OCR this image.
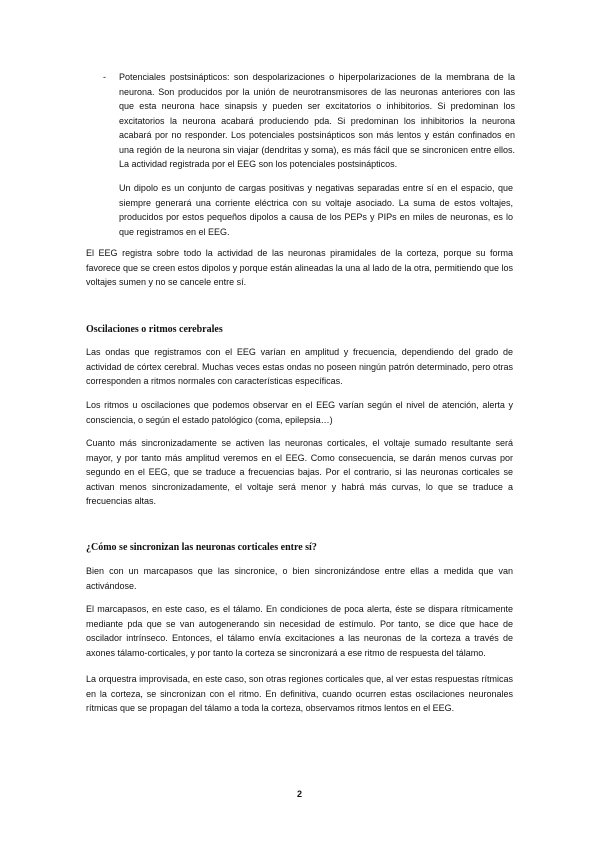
- Potenciales postsinápticos: son despolarizaciones o hiperpolarizaciones de la membrana de la neurona. Son producidos por la unión de neurotransmisores de las neuronas anteriores con las que esta neurona hace sinapsis y pueden ser excitatorios o inhibitorios. Si predominan los excitatorios la neurona acabará produciendo pda. Si predominan los inhibitorios la neurona acabará por no responder. Los potenciales postsinápticos son más lentos y están confinados en una región de la neurona sin viajar (dendritas y soma), es más fácil que se sincronicen entre ellos. La actividad registrada por el EEG son los potenciales postsinápticos.

Un dipolo es un conjunto de cargas positivas y negativas separadas entre sí en el espacio, que siempre generará una corriente eléctrica con su voltaje asociado. La suma de estos voltajes, producidos por estos pequeños dipolos a causa de los PEPs y PIPs en miles de neuronas, es lo que registramos en el EEG.

El EEG registra sobre todo la actividad de las neuronas piramidales de la corteza, porque su forma favorece que se creen estos dipolos y porque están alineadas la una al lado de la otra, permitiendo que los voltajes sumen y no se cancele entre sí.

Oscilaciones o ritmos cerebrales

Las ondas que registramos con el EEG varían en amplitud y frecuencia, dependiendo del grado de actividad de córtex cerebral. Muchas veces estas ondas no poseen ningún patrón determinado, pero otras corresponden a ritmos normales con características específicas.

Los ritmos u oscilaciones que podemos observar en el EEG varían según el nivel de atención, alerta y consciencia, o según el estado patológico (coma, epilepsia…)

Cuanto más sincronizadamente se activen las neuronas corticales, el voltaje sumado resultante será mayor, y por tanto más amplitud veremos en el EEG. Como consecuencia, se darán menos curvas por segundo en el EEG, que se traduce a frecuencias bajas. Por el contrario, si las neuronas corticales se activan menos sincronizadamente, el voltaje será menor y habrá más curvas, lo que se traduce a frecuencias altas.

¿Cómo se sincronizan las neuronas corticales entre sí?

Bien con un marcapasos que las sincronice, o bien sincronizándose entre ellas a medida que van activándose.

El marcapasos, en este caso, es el tálamo. En condiciones de poca alerta, éste se dispara rítmicamente mediante pda que se van autogenerando sin necesidad de estímulo. Por tanto, se dice que hace de oscilador intrínseco. Entonces, el tálamo envía excitaciones a las neuronas de la corteza a través de axones tálamo-corticales, y por tanto la corteza se sincronizará a ese ritmo de respuesta del tálamo.

La orquestra improvisada, en este caso, son otras regiones corticales que, al ver estas respuestas rítmicas en la corteza, se sincronizan con el ritmo. En definitiva, cuando ocurren estas oscilaciones neuronales rítmicas que se propagan del tálamo a toda la corteza, observamos ritmos lentos en el EEG.

2
